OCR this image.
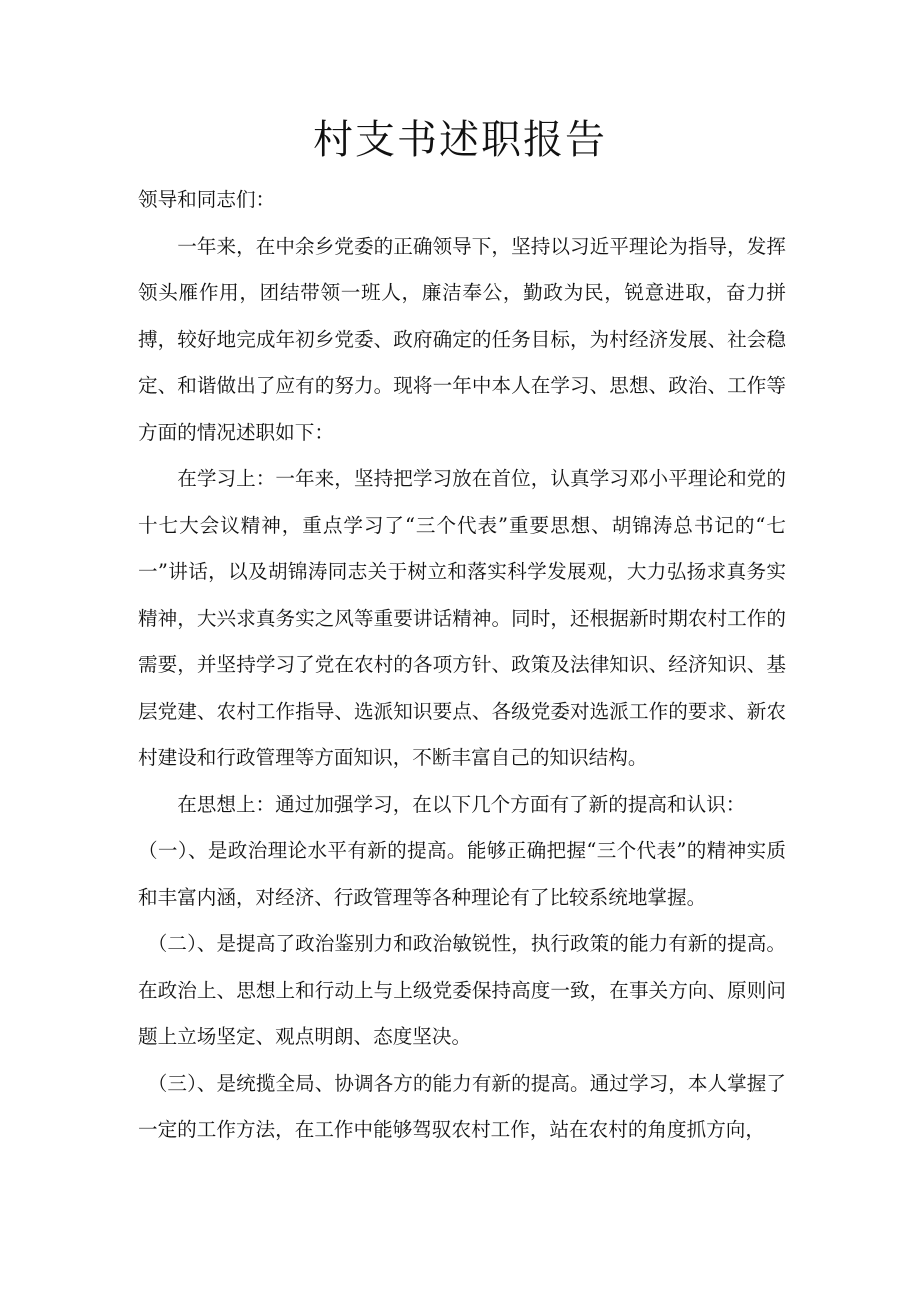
村支书述职报告

领导和同志们：

一年来，在中余乡党委的正确领导下，坚持以习近平理论为指导，发挥领头雁作用，团结带领一班人，廉洁奉公，勤政为民，锐意进取，奋力拼搏，较好地完成年初乡党委、政府确定的任务目标，为村经济发展、社会稳定、和谐做出了应有的努力。现将一年中本人在学习、思想、政治、工作等方面的情况述职如下：

在学习上：一年来，坚持把学习放在首位，认真学习邓小平理论和党的十七大会议精神，重点学习了“三个代表”重要思想、胡锦涛总书记的“七一”讲话，以及胡锦涛同志关于树立和落实科学发展观，大力弘扬求真务实精神，大兴求真务实之风等重要讲话精神。同时，还根据新时期农村工作的需要，并坚持学习了党在农村的各项方针、政策及法律知识、经济知识、基层党建、农村工作指导、选派知识要点、各级党委对选派工作的要求、新农村建设和行政管理等方面知识，不断丰富自己的知识结构。

在思想上：通过加强学习，在以下几个方面有了新的提高和认识：

（一）、是政治理论水平有新的提高。能够正确把握“三个代表”的精神实质和丰富内涵，对经济、行政管理等各种理论有了比较系统地掌握。

（二）、是提高了政治鉴别力和政治敏锐性，执行政策的能力有新的提高。在政治上、思想上和行动上与上级党委保持高度一致，在事关方向、原则问题上立场坚定、观点明朗、态度坚决。

（三）、是统揽全局、协调各方的能力有新的提高。通过学习，本人掌握了一定的工作方法，在工作中能够驾驭农村工作，站在农村的角度抓方向，
